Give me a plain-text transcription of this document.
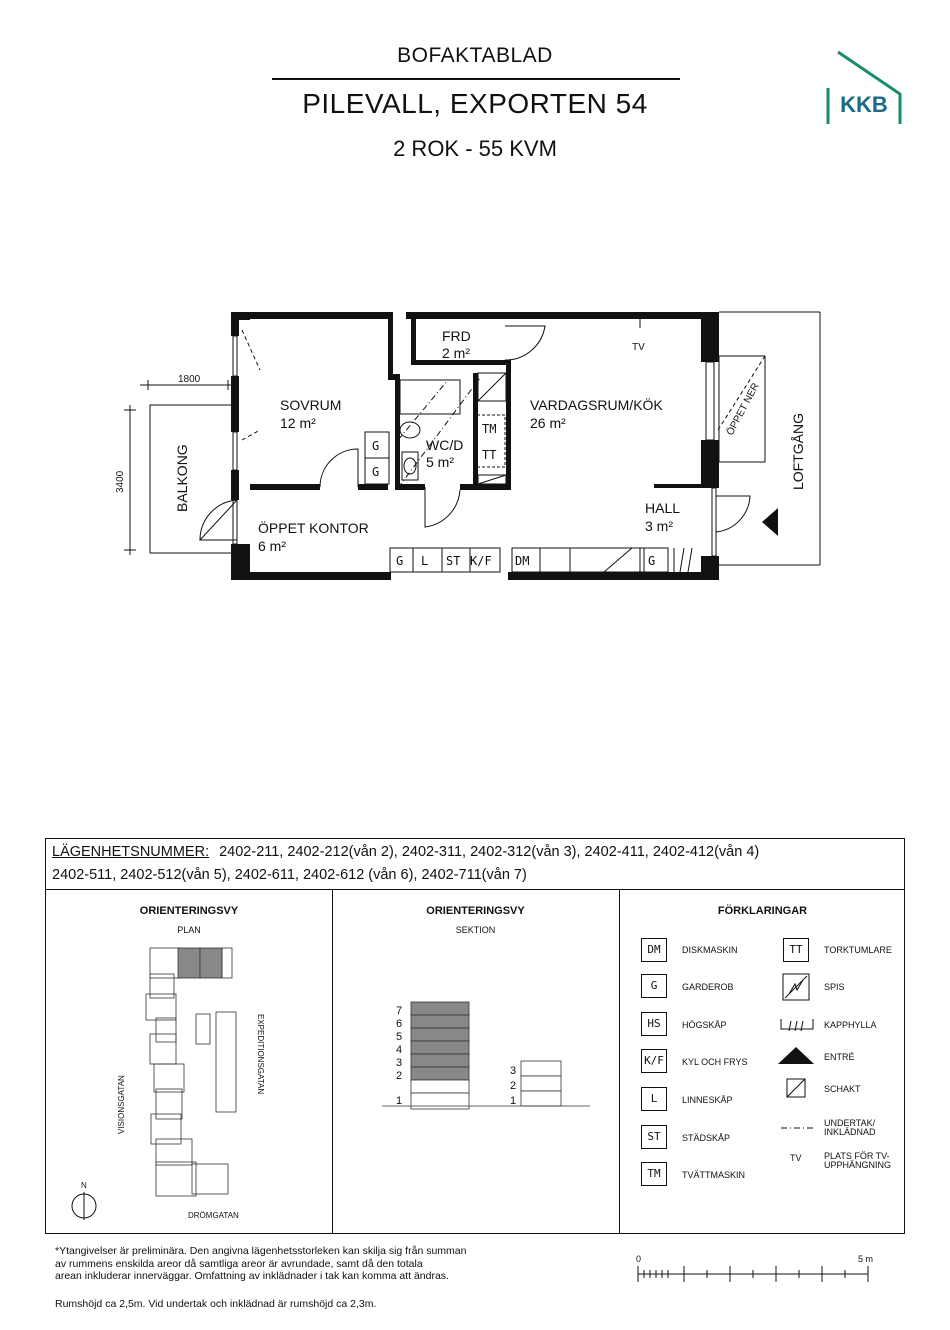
BOFAKTABLAD
PILEVALL, EXPORTEN 54
2 ROK - 55 KVM
KKB
SOVRUM
12 m²
FRD
2 m²
WC/D
5 m²
VARDAGSRUM/KÖK
26 m²
ÖPPET KONTOR
6 m²
HALL
3 m²
BALKONG	LOFTGÅNG
ÖPPET NER
TV
1800
3400
G
G
G L ST K/F DM	G
TM
TT
LÄGENHETSNUMMER: 2402-211, 2402-212(vån 2), 2402-311, 2402-312(vån 3), 2402-411, 2402-412(vån 4)
2402-511, 2402-512(vån 5), 2402-611, 2402-612 (vån 6), 2402-711(vån 7)
ORIENTERINGSVY
PLAN
VISIONSGATAN
EXPEDITIONSGATAN
DRÖMGATAN
N
ORIENTERINGSVY
SEKTION
7
6
5
4
3
2
1
3
2
1
FÖRKLARINGAR
DM	DISKMASKIN
G	GARDEROB
HS	HÖGSKÅP
K/F	KYL OCH FRYS
L	LINNESKÅP
ST	STÄDSKÅP
TM	TVÄTTMASKIN
TT	TORKTUMLARE
SPIS
KAPPHYLLA
ENTRÉ
SCHAKT
UNDERTAK/
INKLÄDNAD
TV PLATS FÖR TV-
UPPHÄNGNING
*Ytangivelser är preliminära. Den angivna lägenhetsstorleken kan skilja sig från summan
av rummens enskilda areor då samtliga areor är avrundade, samt då den totala
arean inkluderar innerväggar. Omfattning av inklädnader i tak kan komma att ändras.
Rumshöjd ca 2,5m. Vid undertak och inklädnad är rumshöjd ca 2,3m.
0	5 m
